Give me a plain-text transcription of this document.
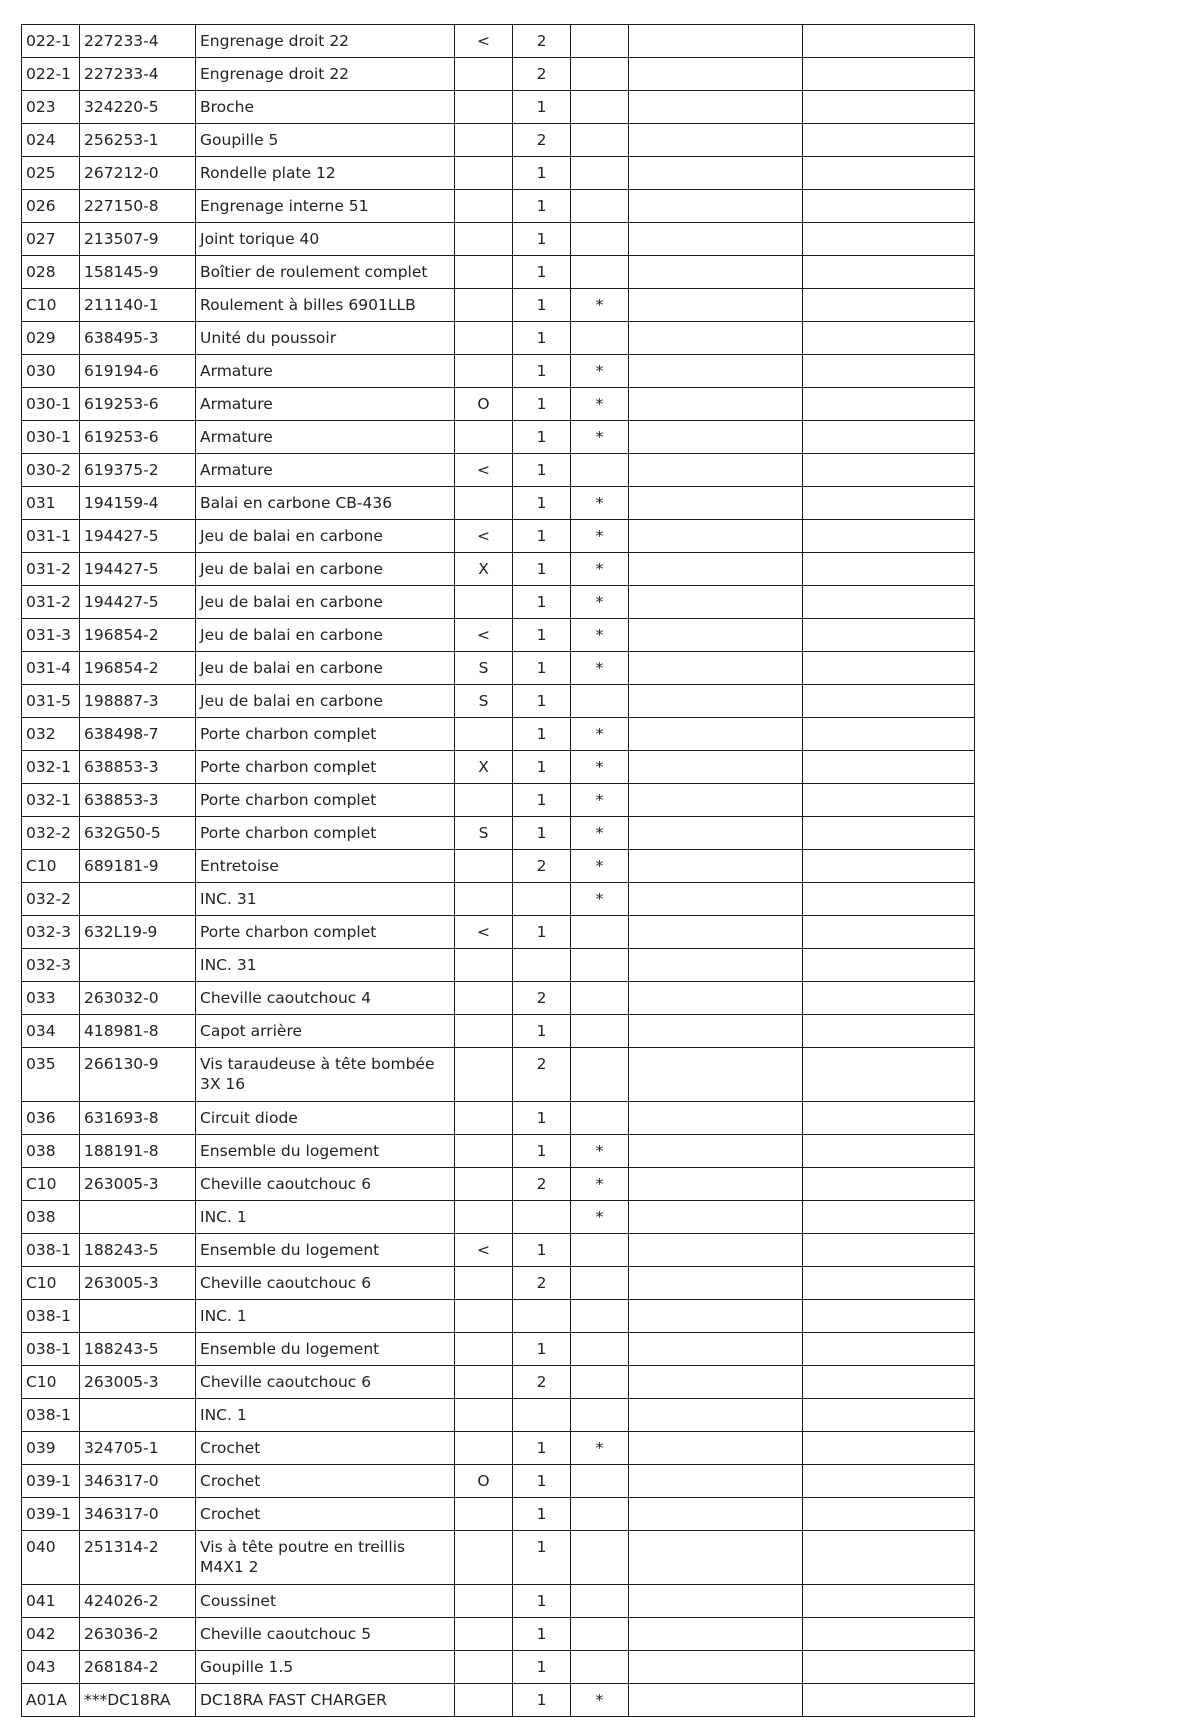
022-1	227233-4	Engrenage droit 22	<	2			
022-1	227233-4	Engrenage droit 22		2			
023	324220-5	Broche		1			
024	256253-1	Goupille 5		2			
025	267212-0	Rondelle plate 12		1			
026	227150-8	Engrenage interne 51		1			
027	213507-9	Joint torique 40		1			
028	158145-9	Boîtier de roulement complet		1			
C10	211140-1	Roulement à billes 6901LLB		1	*		
029	638495-3	Unité du poussoir		1			
030	619194-6	Armature		1	*		
030-1	619253-6	Armature	O	1	*		
030-1	619253-6	Armature		1	*		
030-2	619375-2	Armature	<	1			
031	194159-4	Balai en carbone CB-436		1	*		
031-1	194427-5	Jeu de balai en carbone	<	1	*		
031-2	194427-5	Jeu de balai en carbone	X	1	*		
031-2	194427-5	Jeu de balai en carbone		1	*		
031-3	196854-2	Jeu de balai en carbone	<	1	*		
031-4	196854-2	Jeu de balai en carbone	S	1	*		
031-5	198887-3	Jeu de balai en carbone	S	1			
032	638498-7	Porte charbon complet		1	*		
032-1	638853-3	Porte charbon complet	X	1	*		
032-1	638853-3	Porte charbon complet		1	*		
032-2	632G50-5	Porte charbon complet	S	1	*		
C10	689181-9	Entretoise		2	*		
032-2		INC. 31			*		
032-3	632L19-9	Porte charbon complet	<	1			
032-3		INC. 31					
033	263032-0	Cheville caoutchouc 4		2			
034	418981-8	Capot arrière		1			
035	266130-9	Vis taraudeuse à tête bombée 3X 16		2			
036	631693-8	Circuit diode		1			
038	188191-8	Ensemble du logement		1	*		
C10	263005-3	Cheville caoutchouc 6		2	*		
038		INC. 1			*		
038-1	188243-5	Ensemble du logement	<	1			
C10	263005-3	Cheville caoutchouc 6		2			
038-1		INC. 1					
038-1	188243-5	Ensemble du logement		1			
C10	263005-3	Cheville caoutchouc 6		2			
038-1		INC. 1					
039	324705-1	Crochet		1	*		
039-1	346317-0	Crochet	O	1			
039-1	346317-0	Crochet		1			
040	251314-2	Vis à tête poutre en treillis M4X1 2		1			
041	424026-2	Coussinet		1			
042	263036-2	Cheville caoutchouc 5		1			
043	268184-2	Goupille 1.5		1			
A01A	***DC18RA	DC18RA FAST CHARGER		1	*		
